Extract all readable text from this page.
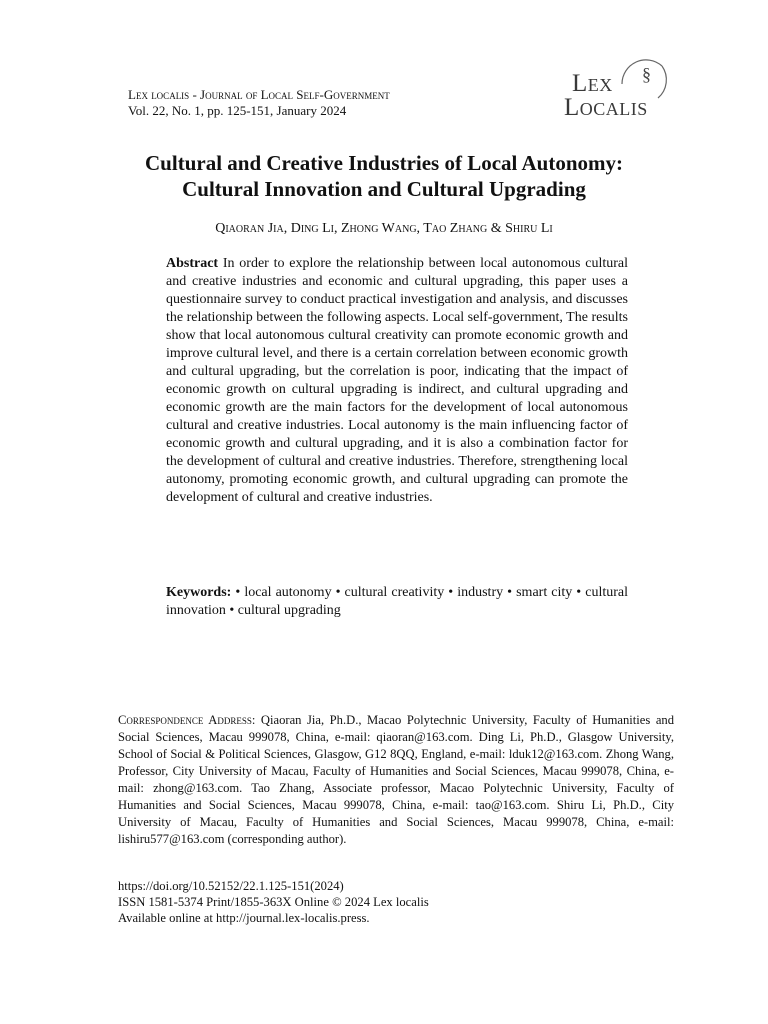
Lex localis - Journal of Local Self-Government
Vol. 22, No. 1, pp. 125-151, January 2024
§
Lex
Localis
Cultural and Creative Industries of Local Autonomy:
Cultural Innovation and Cultural Upgrading
Qiaoran Jia, Ding Li, Zhong Wang, Tao Zhang & Shiru Li

Abstract In order to explore the relationship between local autonomous cultural and creative industries and economic and cultural upgrading, this paper uses a questionnaire survey to conduct practical investigation and analysis, and discusses the relationship between the following aspects. Local self-government, The results show that local autonomous cultural creativity can promote economic growth and improve cultural level, and there is a certain correlation between economic growth and cultural upgrading, but the correlation is poor, indicating that the impact of economic growth on cultural upgrading is indirect, and cultural upgrading and economic growth are the main factors for the development of local autonomous cultural and creative industries. Local autonomy is the main influencing factor of economic growth and cultural upgrading, and it is also a combination factor for the development of cultural and creative industries. Therefore, strengthening local autonomy, promoting economic growth, and cultural upgrading can promote the development of cultural and creative industries.

Keywords: • local autonomy • cultural creativity • industry • smart city • cultural innovation • cultural upgrading

Correspondence Address: Qiaoran Jia, Ph.D., Macao Polytechnic University, Faculty of Humanities and Social Sciences, Macau 999078, China, e-mail: qiaoran@163.com. Ding Li, Ph.D., Glasgow University, School of Social & Political Sciences, Glasgow, G12 8QQ, England, e-mail: lduk12@163.com. Zhong Wang, Professor, City University of Macau, Faculty of Humanities and Social Sciences, Macau 999078, China, e-mail: zhong@163.com. Tao Zhang, Associate professor, Macao Polytechnic University, Faculty of Humanities and Social Sciences, Macau 999078, China, e-mail: tao@163.com. Shiru Li, Ph.D., City University of Macau, Faculty of Humanities and Social Sciences, Macau 999078, China, e-mail: lishiru577@163.com (corresponding author).

https://doi.org/10.52152/22.1.125-151(2024)
ISSN 1581-5374 Print/1855-363X Online © 2024 Lex localis
Available online at http://journal.lex-localis.press.
